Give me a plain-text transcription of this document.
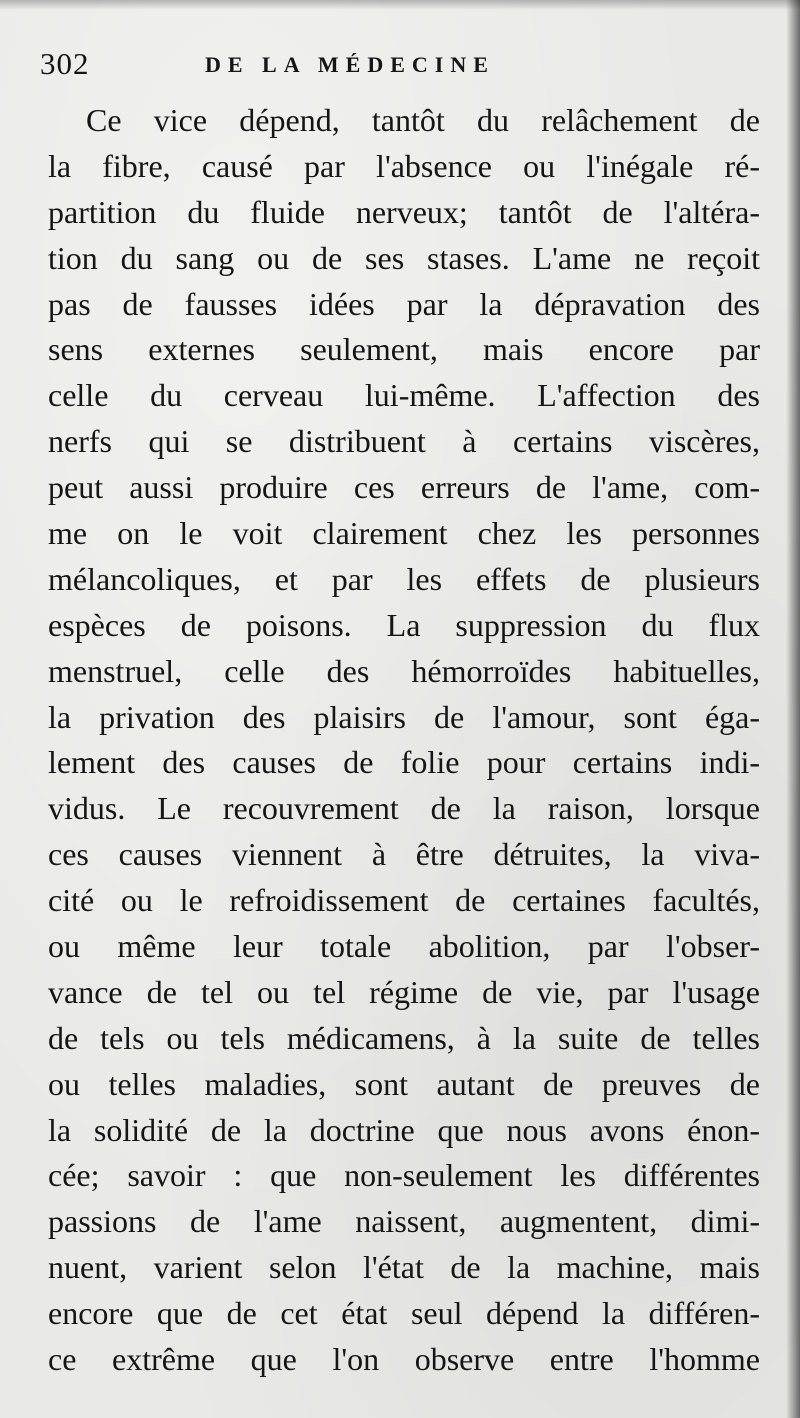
302	DE LA MÉDECINE
Ce vice dépend, tantôt du relâchement de
la fibre, causé par l'absence ou l'inégale ré-
partition du fluide nerveux; tantôt de l'altéra-
tion du sang ou de ses stases. L'ame ne reçoit
pas de fausses idées par la dépravation des
sens externes seulement, mais encore par
celle du cerveau lui-même. L'affection des
nerfs qui se distribuent à certains viscères,
peut aussi produire ces erreurs de l'ame, com-
me on le voit clairement chez les personnes
mélancoliques, et par les effets de plusieurs
espèces de poisons. La suppression du flux
menstruel, celle des hémorroïdes habituelles,
la privation des plaisirs de l'amour, sont éga-
lement des causes de folie pour certains indi-
vidus. Le recouvrement de la raison, lorsque
ces causes viennent à être détruites, la viva-
cité ou le refroidissement de certaines facultés,
ou même leur totale abolition, par l'obser-
vance de tel ou tel régime de vie, par l'usage
de tels ou tels médicamens, à la suite de telles
ou telles maladies, sont autant de preuves de
la solidité de la doctrine que nous avons énon-
cée; savoir : que non-seulement les différentes
passions de l'ame naissent, augmentent, dimi-
nuent, varient selon l'état de la machine, mais
encore que de cet état seul dépend la différen-
ce extrême que l'on observe entre l'homme
